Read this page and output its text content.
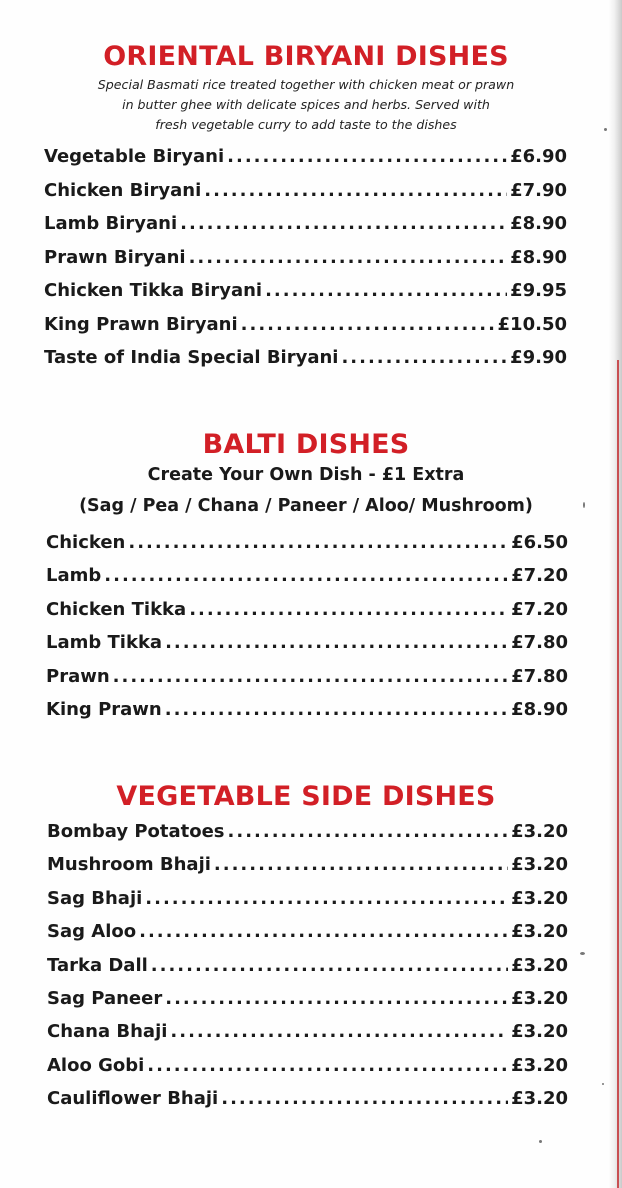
ORIENTAL BIRYANI DISHES
Special Basmati rice treated together with chicken meat or prawn
in butter ghee with delicate spices and herbs. Served with
fresh vegetable curry to add taste to the dishes
Vegetable Biryani .....	£6.90
Chicken Biryani .....	£7.90
Lamb Biryani .....	£8.90
Prawn Biryani .....	£8.90
Chicken Tikka Biryani .....	£9.95
King Prawn Biryani .....	£10.50
Taste of India Special Biryani .....	£9.90
BALTI DISHES
Create Your Own Dish - £1 Extra
(Sag / Pea / Chana / Paneer / Aloo/ Mushroom)
Chicken .....	£6.50
Lamb .....	£7.20
Chicken Tikka .....	£7.20
Lamb Tikka .....	£7.80
Prawn .....	£7.80
King Prawn .....	£8.90
VEGETABLE SIDE DISHES
Bombay Potatoes .....	£3.20
Mushroom Bhaji .....	£3.20
Sag Bhaji .....	£3.20
Sag Aloo .....	£3.20
Tarka Dall .....	£3.20
Sag Paneer .....	£3.20
Chana Bhaji .....	£3.20
Aloo Gobi .....	£3.20
Cauliflower Bhaji .....	£3.20
